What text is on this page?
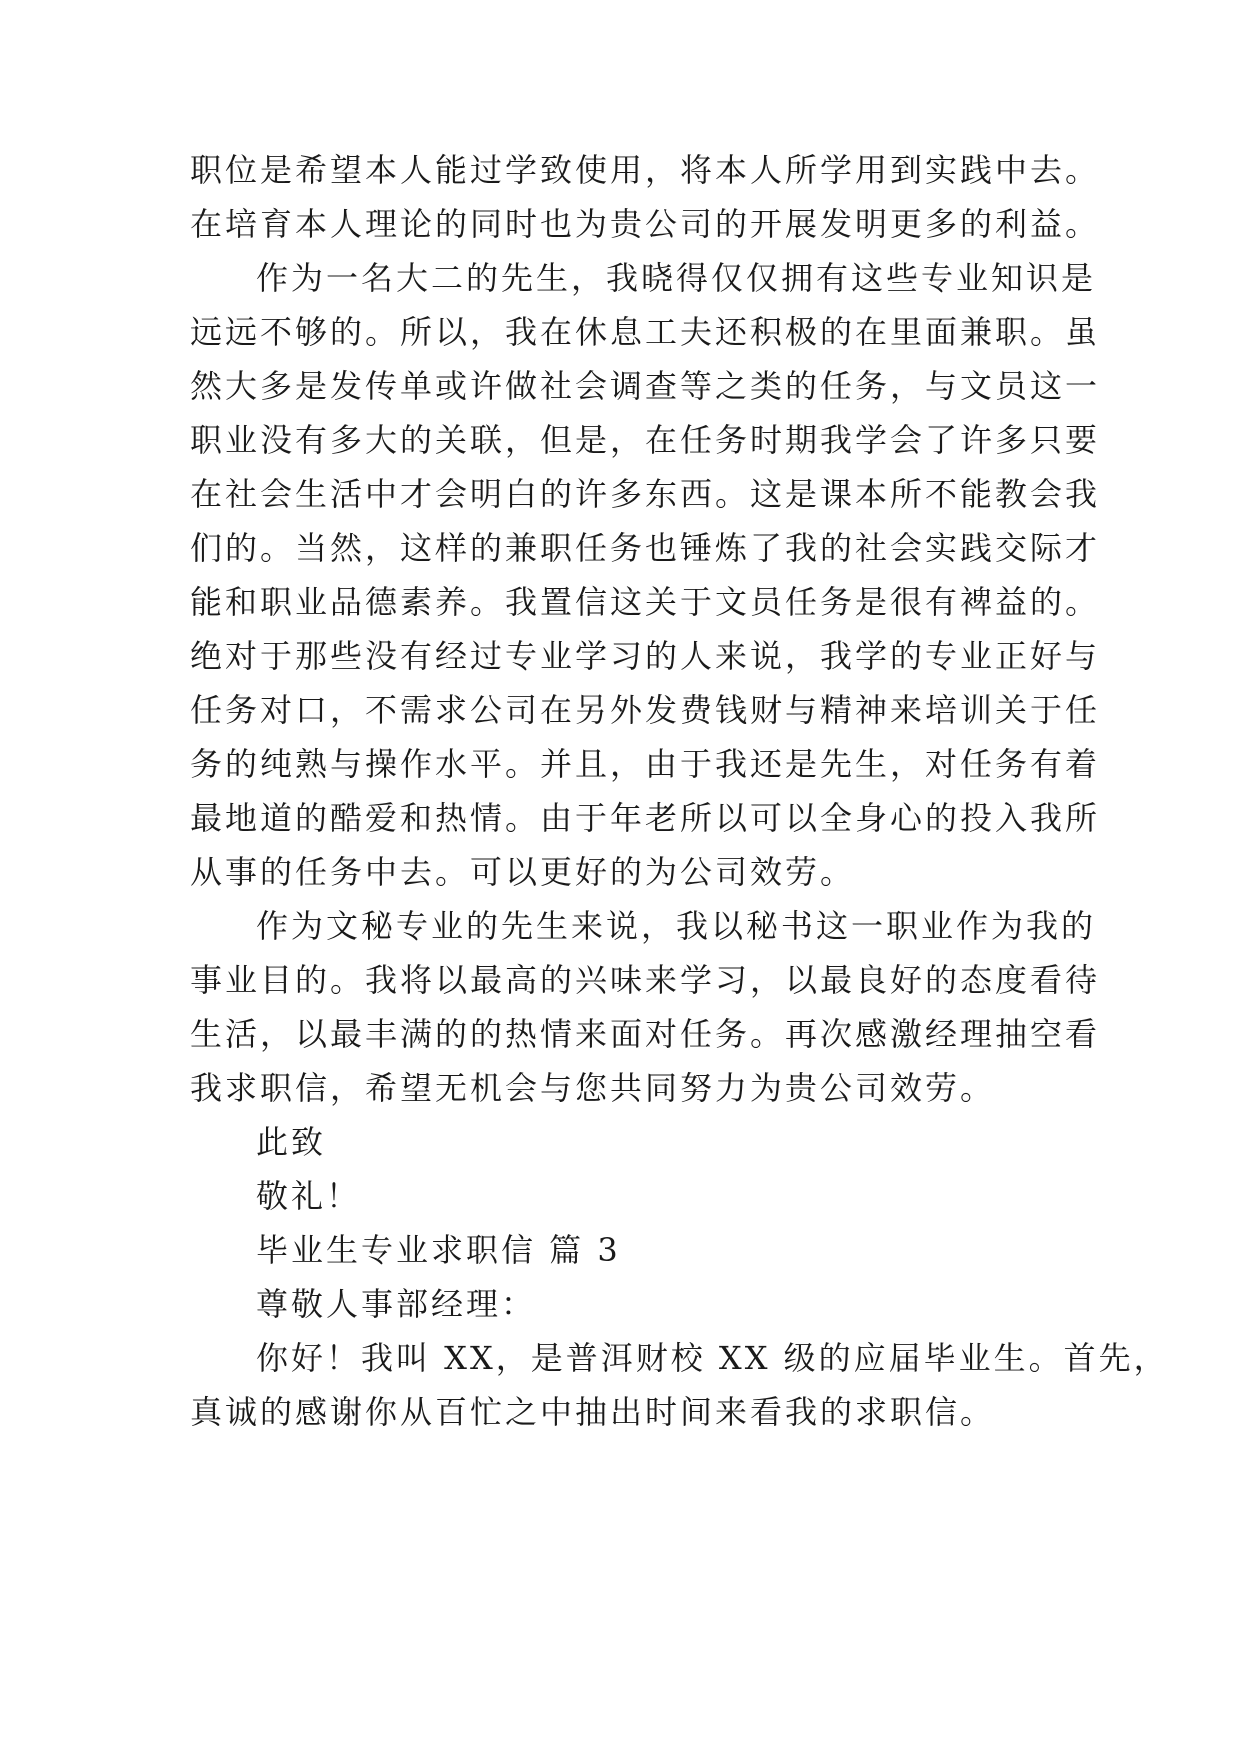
职位是希望本人能过学致使用，将本人所学用到实践中去。
在培育本人理论的同时也为贵公司的开展发明更多的利益。
作为一名大二的先生，我晓得仅仅拥有这些专业知识是
远远不够的。所以，我在休息工夫还积极的在里面兼职。虽
然大多是发传单或许做社会调查等之类的任务，与文员这一
职业没有多大的关联，但是，在任务时期我学会了许多只要
在社会生活中才会明白的许多东西。这是课本所不能教会我
们的。当然，这样的兼职任务也锤炼了我的社会实践交际才
能和职业品德素养。我置信这关于文员任务是很有裨益的。
绝对于那些没有经过专业学习的人来说，我学的专业正好与
任务对口，不需求公司在另外发费钱财与精神来培训关于任
务的纯熟与操作水平。并且，由于我还是先生，对任务有着
最地道的酷爱和热情。由于年老所以可以全身心的投入我所
从事的任务中去。可以更好的为公司效劳。
作为文秘专业的先生来说，我以秘书这一职业作为我的
事业目的。我将以最高的兴味来学习，以最良好的态度看待
生活，以最丰满的的热情来面对任务。再次感激经理抽空看
我求职信，希望无机会与您共同努力为贵公司效劳。
此致
敬礼！
毕业生专业求职信 篇 3
尊敬人事部经理：
你好！我叫 XX，是普洱财校 XX 级的应届毕业生。首先，
真诚的感谢你从百忙之中抽出时间来看我的求职信。
